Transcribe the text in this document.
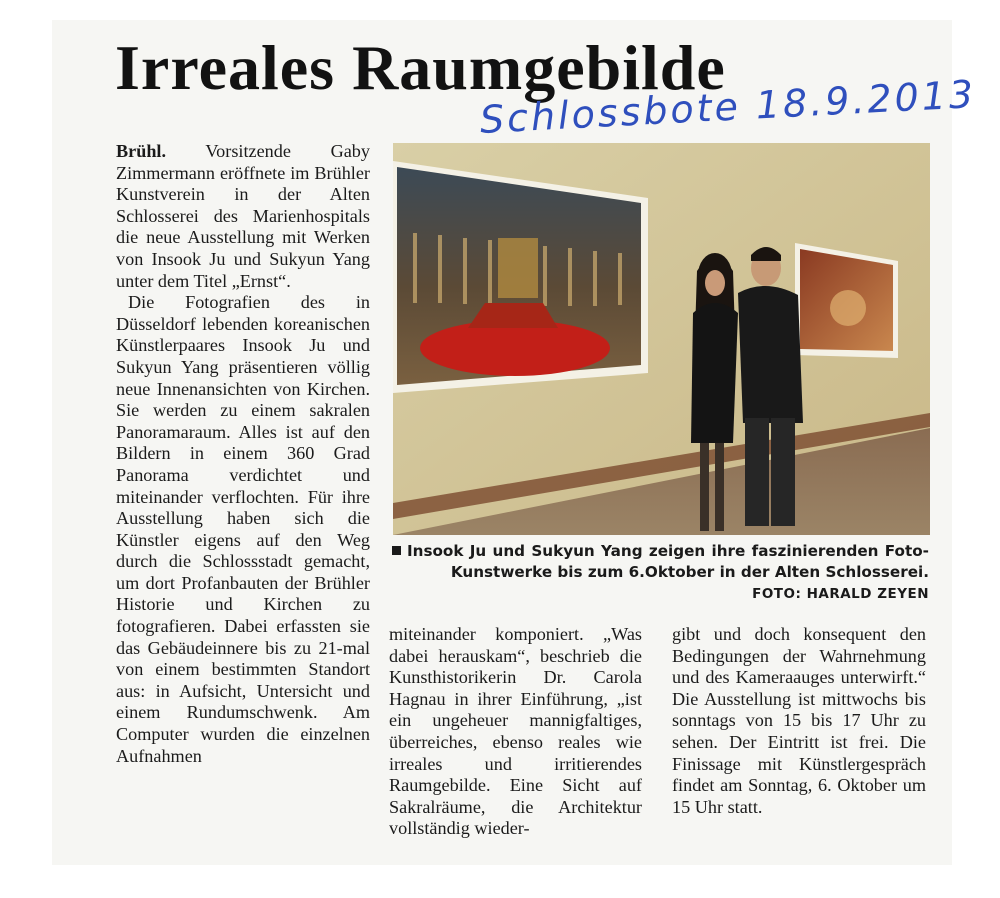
Irreales Raumgebilde
Schlossbote 18.9.2013

Brühl. Vorsitzende Gaby Zimmermann eröffnete im Brühler Kunstverein in der Alten Schlosserei des Marienhospitals die neue Ausstellung mit Werken von Insook Ju und Sukyun Yang unter dem Titel „Ernst“.

Die Fotografien des in Düsseldorf lebenden koreanischen Künstlerpaares Insook Ju und Sukyun Yang präsentieren völlig neue Innenansichten von Kirchen. Sie werden zu einem sakralen Panoramaraum. Alles ist auf den Bildern in einem 360 Grad Panorama verdichtet und miteinander verflochten. Für ihre Ausstellung haben sich die Künstler eigens auf den Weg durch die Schlossstadt gemacht, um dort Profanbauten der Brühler Historie und Kirchen zu fotografieren. Dabei erfassten sie das Gebäudeinnere bis zu 21-mal von einem bestimmten Standort aus: in Aufsicht, Untersicht und einem Rundumschwenk. Am Computer wurden die einzelnen Aufnahmen

Insook Ju und Sukyun Yang zeigen ihre faszinierenden Foto-Kunstwerke bis zum 6.Oktober in der Alten Schlosserei.
FOTO: HARALD ZEYEN

miteinander komponiert. „Was dabei herauskam“, beschrieb die Kunsthistorikerin Dr. Carola Hagnau in ihrer Einführung, „ist ein ungeheuer mannigfaltiges, überreiches, ebenso reales wie irreales und irritierendes Raumgebilde. Eine Sicht auf Sakralräume, die Architektur vollständig wieder-

gibt und doch konsequent den Bedingungen der Wahrnehmung und des Kameraauges unterwirft.“ Die Ausstellung ist mittwochs bis sonntags von 15 bis 17 Uhr zu sehen. Der Eintritt ist frei. Die Finissage mit Künstlergespräch findet am Sonntag, 6. Oktober um 15 Uhr statt.
